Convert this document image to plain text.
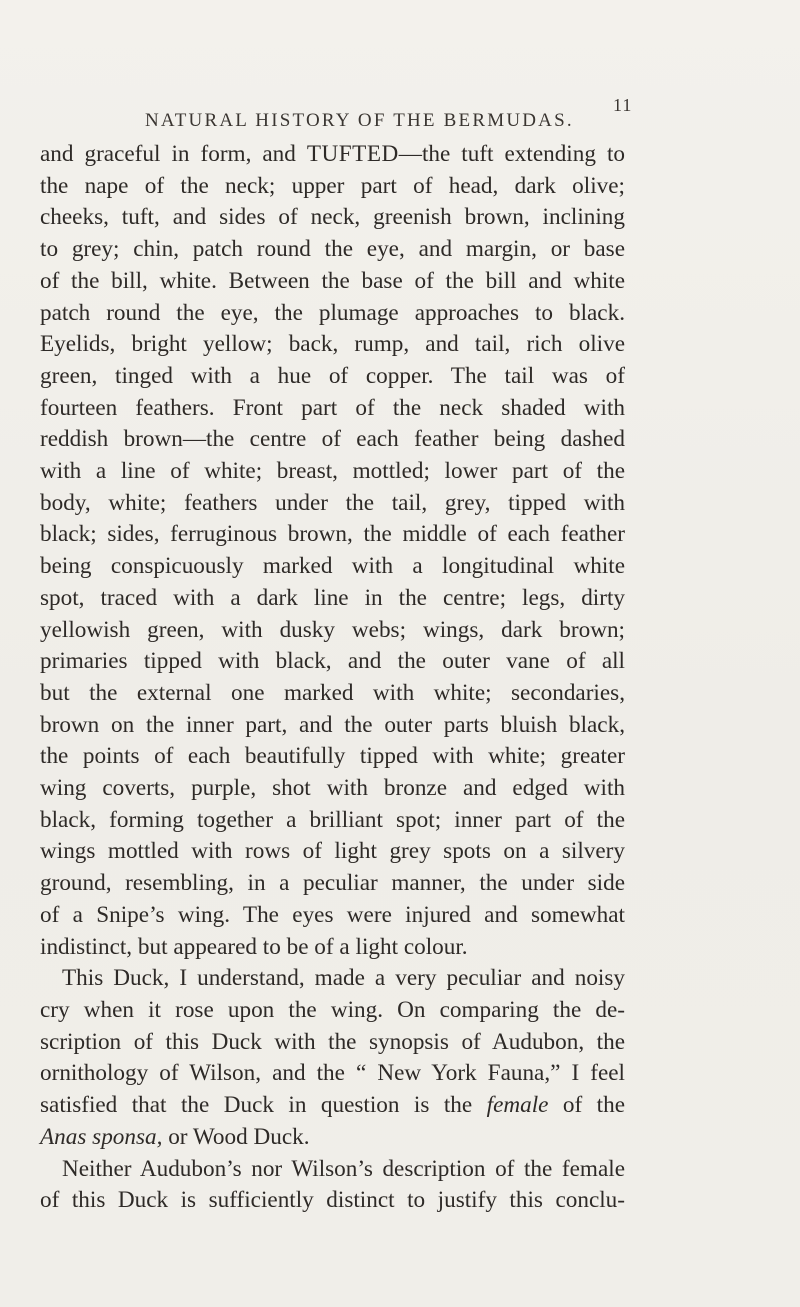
NATURAL HISTORY OF THE BERMUDAS.
11
and graceful in form, and TUFTED—the tuft extending to
the nape of the neck; upper part of head, dark olive;
cheeks, tuft, and sides of neck, greenish brown, inclining
to grey; chin, patch round the eye, and margin, or base
of the bill, white. Between the base of the bill and white
patch round the eye, the plumage approaches to black.
Eyelids, bright yellow; back, rump, and tail, rich olive
green, tinged with a hue of copper. The tail was of
fourteen feathers. Front part of the neck shaded with
reddish brown—the centre of each feather being dashed
with a line of white; breast, mottled; lower part of the
body, white; feathers under the tail, grey, tipped with
black; sides, ferruginous brown, the middle of each feather
being conspicuously marked with a longitudinal white
spot, traced with a dark line in the centre; legs, dirty
yellowish green, with dusky webs; wings, dark brown;
primaries tipped with black, and the outer vane of all
but the external one marked with white; secondaries,
brown on the inner part, and the outer parts bluish black,
the points of each beautifully tipped with white; greater
wing coverts, purple, shot with bronze and edged with
black, forming together a brilliant spot; inner part of the
wings mottled with rows of light grey spots on a silvery
ground, resembling, in a peculiar manner, the under side
of a Snipe’s wing. The eyes were injured and somewhat
indistinct, but appeared to be of a light colour.
This Duck, I understand, made a very peculiar and noisy
cry when it rose upon the wing. On comparing the de-
scription of this Duck with the synopsis of Audubon, the
ornithology of Wilson, and the “ New York Fauna,” I feel
satisfied that the Duck in question is the female of the
Anas sponsa, or Wood Duck.
Neither Audubon’s nor Wilson’s description of the female
of this Duck is sufficiently distinct to justify this conclu-
